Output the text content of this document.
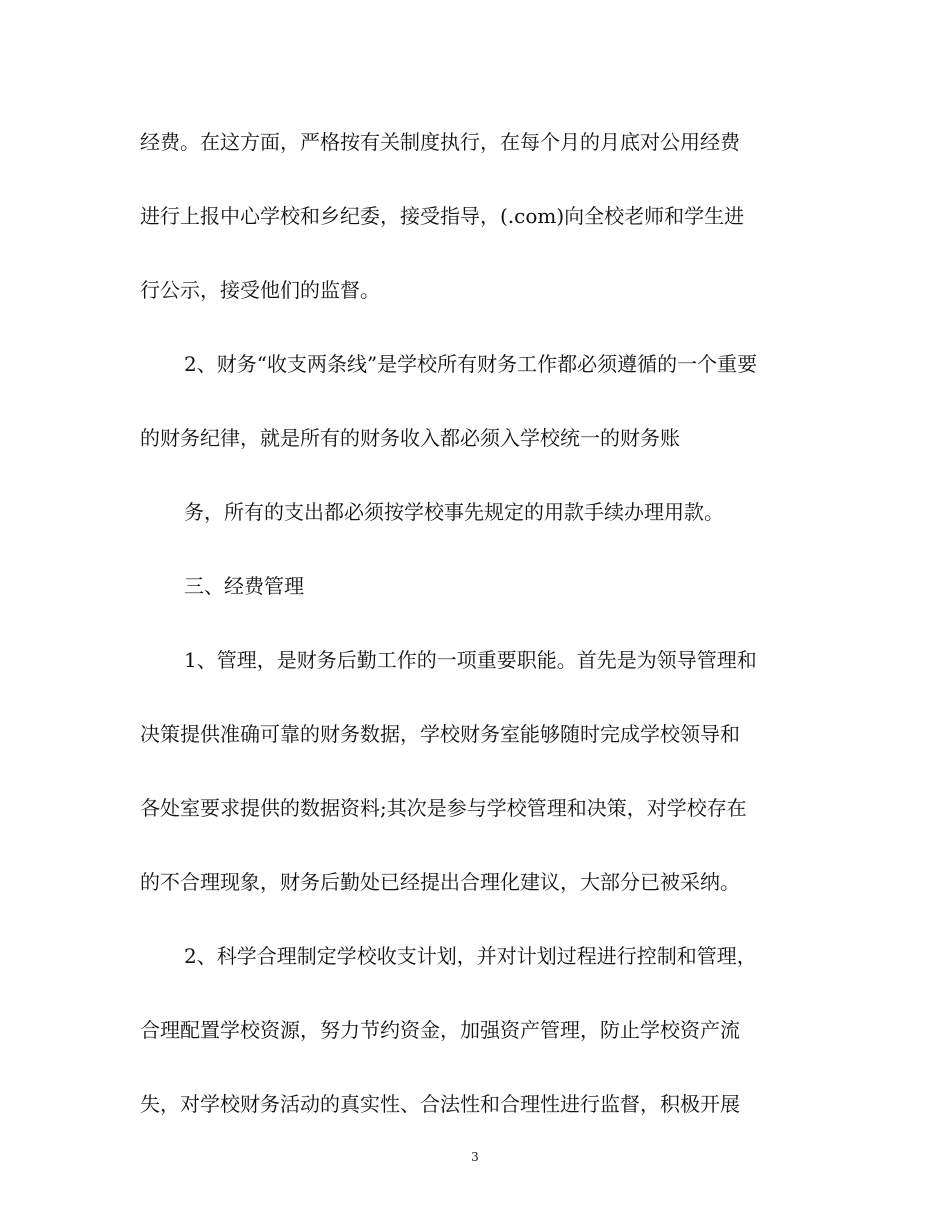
经费。在这方面，严格按有关制度执行，在每个月的月底对公用经费
进行上报中心学校和乡纪委，接受指导，(.com)向全校老师和学生进
行公示，接受他们的监督。
2、财务“收支两条线”是学校所有财务工作都必须遵循的一个重要
的财务纪律，就是所有的财务收入都必须入学校统一的财务账
务，所有的支出都必须按学校事先规定的用款手续办理用款。
三、经费管理
1、管理，是财务后勤工作的一项重要职能。首先是为领导管理和
决策提供准确可靠的财务数据，学校财务室能够随时完成学校领导和
各处室要求提供的数据资料;其次是参与学校管理和决策，对学校存在
的不合理现象，财务后勤处已经提出合理化建议，大部分已被采纳。
2、科学合理制定学校收支计划，并对计划过程进行控制和管理，
合理配置学校资源，努力节约资金，加强资产管理，防止学校资产流
失，对学校财务活动的真实性、合法性和合理性进行监督，积极开展
3
